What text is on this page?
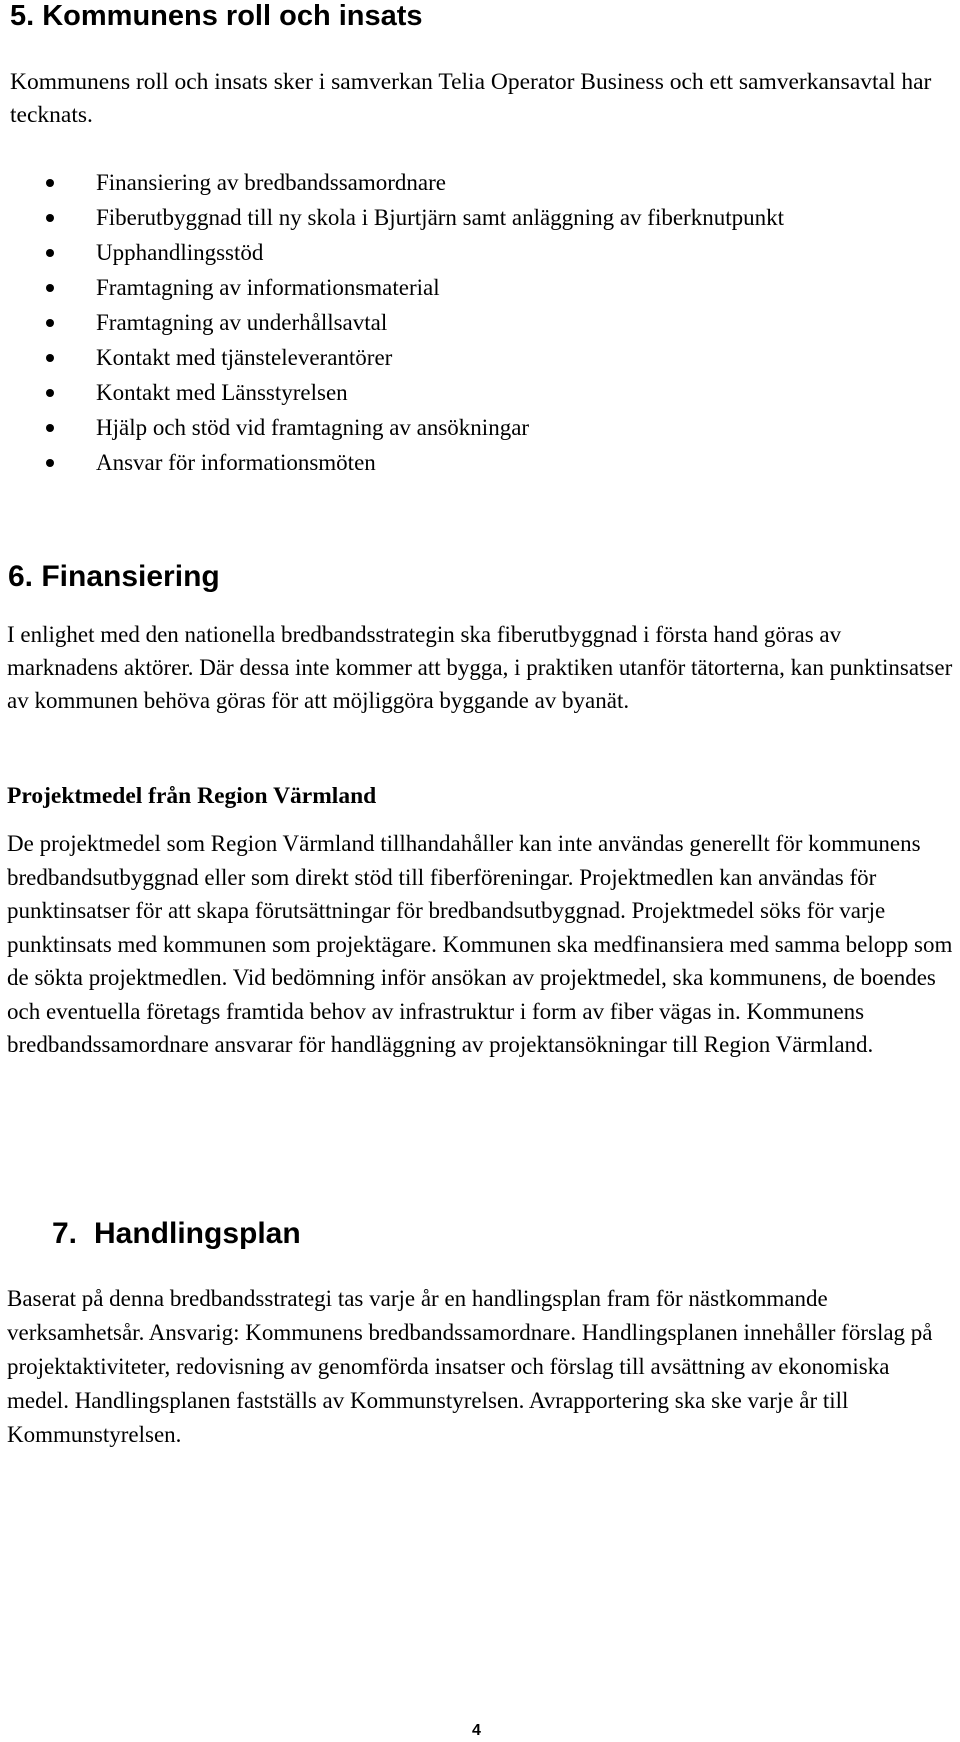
5. Kommunens roll och insats

Kommunens roll och insats sker i samverkan Telia Operator Business och ett samverkansavtal har tecknats.

Finansiering av bredbandssamordnare
Fiberutbyggnad till ny skola i Bjurtjärn samt anläggning av fiberknutpunkt
Upphandlingsstöd
Framtagning av informationsmaterial
Framtagning av underhållsavtal
Kontakt med tjänsteleverantörer
Kontakt med Länsstyrelsen
Hjälp och stöd vid framtagning av ansökningar
Ansvar för informationsmöten
6. Finansiering

I enlighet med den nationella bredbandsstrategin ska fiberutbyggnad i första hand göras av marknadens aktörer. Där dessa inte kommer att bygga, i praktiken utanför tätorterna, kan punktinsatser av kommunen behöva göras för att möjliggöra byggande av byanät.

Projektmedel från Region Värmland

De projektmedel som Region Värmland tillhandahåller kan inte användas generellt för kommunens bredbandsutbyggnad eller som direkt stöd till fiberföreningar. Projektmedlen kan användas för punktinsatser för att skapa förutsättningar för bredbandsutbyggnad. Projektmedel söks för varje punktinsats med kommunen som projektägare. Kommunen ska medfinansiera med samma belopp som de sökta projektmedlen. Vid bedömning inför ansökan av projektmedel, ska kommunens, de boendes och eventuella företags framtida behov av infrastruktur i form av fiber vägas in. Kommunens bredbandssamordnare ansvarar för handläggning av projektansökningar till Region Värmland.

7. Handlingsplan

Baserat på denna bredbandsstrategi tas varje år en handlingsplan fram för nästkommande verksamhetsår. Ansvarig: Kommunens bredbandssamordnare. Handlingsplanen innehåller förslag på projektaktiviteter, redovisning av genomförda insatser och förslag till avsättning av ekonomiska medel. Handlingsplanen fastställs av Kommunstyrelsen. Avrapportering ska ske varje år till Kommunstyrelsen.

4
